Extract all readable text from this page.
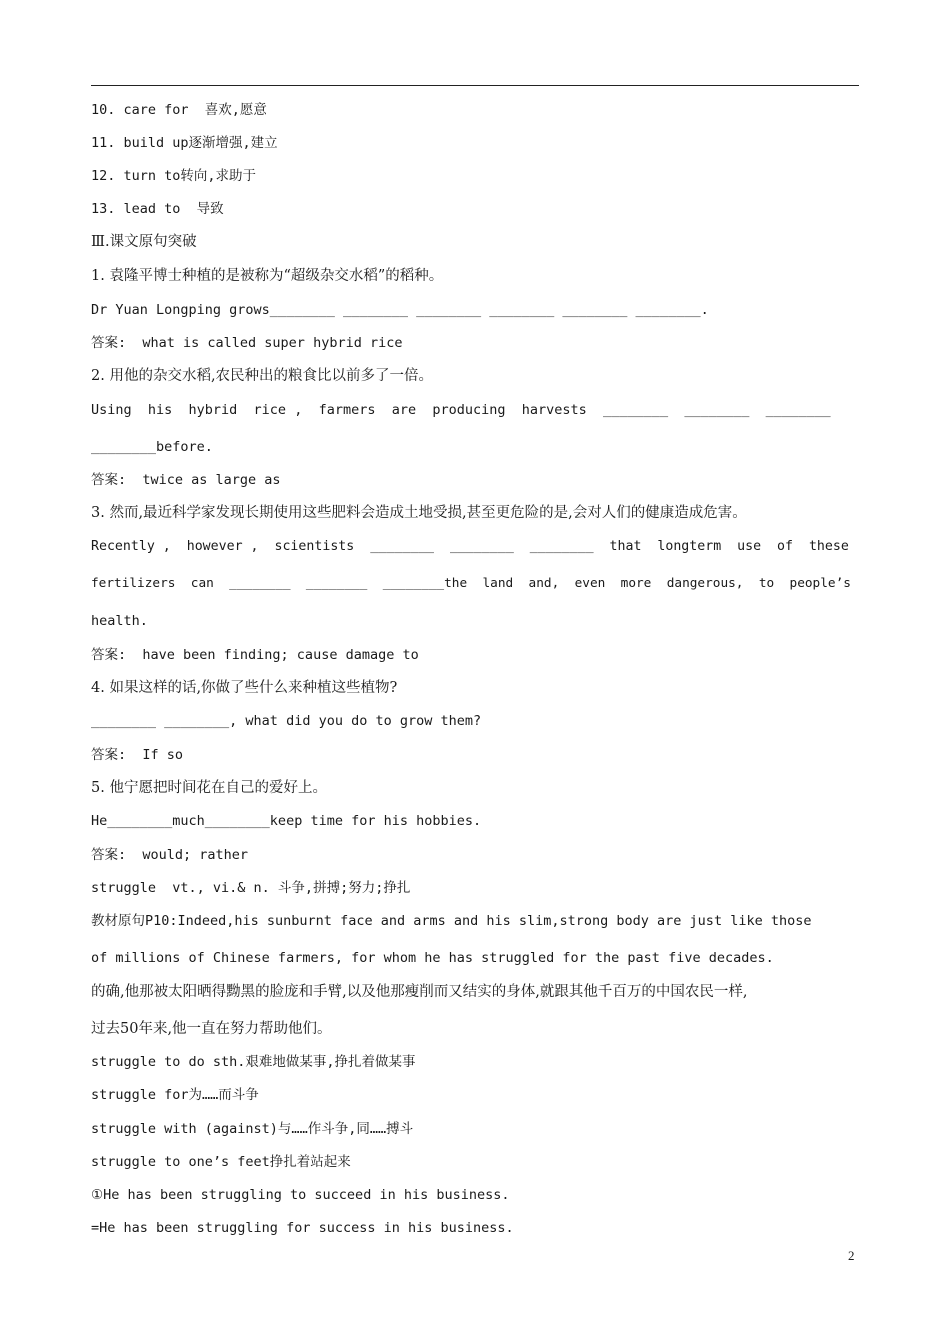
10. care for  喜欢,愿意
11. build up逐渐增强,建立
12. turn to转向,求助于
13. lead to  导致
Ⅲ.课文原句突破
1. 袁隆平博士种植的是被称为“超级杂交水稻”的稻种。
Dr Yuan Longping grows________ ________ ________ ________ ________ ________.
答案:  what is called super hybrid rice
2. 用他的杂交水稻,农民种出的粮食比以前多了一倍。
Using  his  hybrid  rice ,  farmers  are  producing  harvests  ________  ________  ________
________before.
答案:  twice as large as
3. 然而,最近科学家发现长期使用这些肥料会造成土地受损,甚至更危险的是,会对人们的健康造成危害。
Recently ,  however ,  scientists  ________  ________  ________  that  longterm  use  of  these
fertilizers  can  ________  ________  ________the  land  and,  even  more  dangerous,  to  people’s
health.
答案:  have been finding; cause damage to
4. 如果这样的话,你做了些什么来种植这些植物?
________ ________, what did you do to grow them?
答案:  If so
5. 他宁愿把时间花在自己的爱好上。
He________much________keep time for his hobbies.
答案:  would; rather
struggle  vt., vi.& n. 斗争,拼搏;努力;挣扎
教材原句P10:Indeed,his sunburnt face and arms and his slim,strong body are just like those
of millions of Chinese farmers, for whom he has struggled for the past five decades.
的确,他那被太阳晒得黝黑的脸庞和手臂,以及他那瘦削而又结实的身体,就跟其他千百万的中国农民一样,
过去50年来,他一直在努力帮助他们。
struggle to do sth.艰难地做某事,挣扎着做某事
struggle for为……而斗争
struggle with (against)与……作斗争,同……搏斗
struggle to one’s feet挣扎着站起来
①He has been struggling to succeed in his business.
=He has been struggling for success in his business.
2
